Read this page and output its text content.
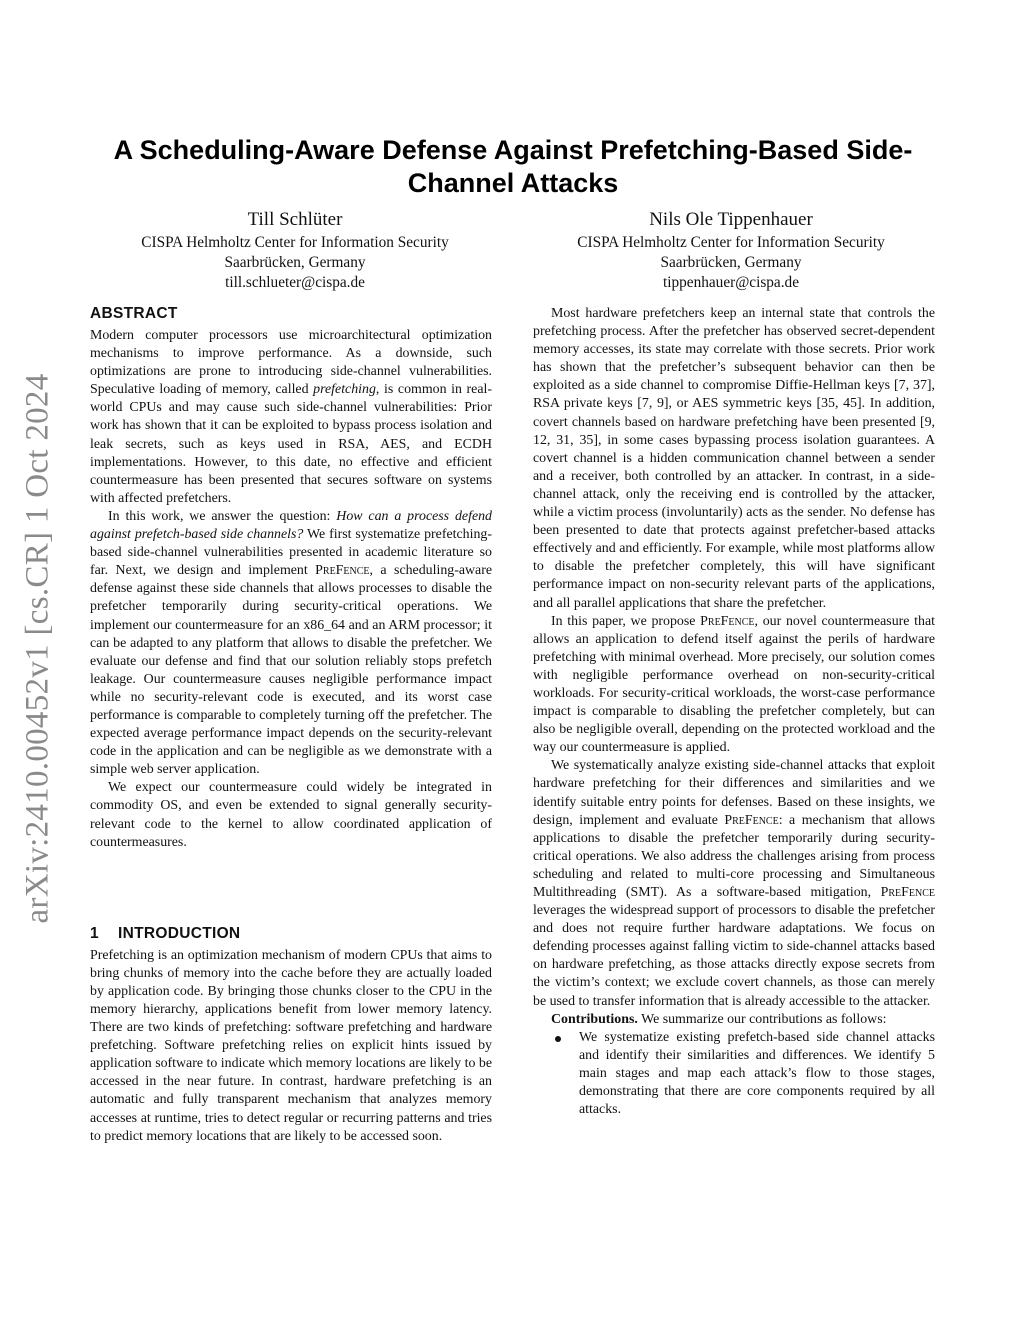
arXiv:2410.00452v1 [cs.CR] 1 Oct 2024
A Scheduling-Aware Defense Against Prefetching-Based Side-Channel Attacks
Till Schlüter
CISPA Helmholtz Center for Information Security
Saarbrücken, Germany
till.schlueter@cispa.de
Nils Ole Tippenhauer
CISPA Helmholtz Center for Information Security
Saarbrücken, Germany
tippenhauer@cispa.de
ABSTRACT

Modern computer processors use microarchitectural optimization mechanisms to improve performance. As a downside, such optimizations are prone to introducing side-channel vulnerabilities. Speculative loading of memory, called prefetching, is common in real-world CPUs and may cause such side-channel vulnerabilities: Prior work has shown that it can be exploited to bypass process isolation and leak secrets, such as keys used in RSA, AES, and ECDH implementations. However, to this date, no effective and efficient countermeasure has been presented that secures software on systems with affected prefetchers.

In this work, we answer the question: How can a process defend against prefetch-based side channels? We first systematize prefetching-based side-channel vulnerabilities presented in academic literature so far. Next, we design and implement PreFence, a scheduling-aware defense against these side channels that allows processes to disable the prefetcher temporarily during security-critical operations. We implement our countermeasure for an x86_64 and an ARM processor; it can be adapted to any platform that allows to disable the prefetcher. We evaluate our defense and find that our solution reliably stops prefetch leakage. Our countermeasure causes negligible performance impact while no security-relevant code is executed, and its worst case performance is comparable to completely turning off the prefetcher. The expected average performance impact depends on the security-relevant code in the application and can be negligible as we demonstrate with a simple web server application.

We expect our countermeasure could widely be integrated in commodity OS, and even be extended to signal generally security-relevant code to the kernel to allow coordinated application of countermeasures.

1 INTRODUCTION

Prefetching is an optimization mechanism of modern CPUs that aims to bring chunks of memory into the cache before they are actually loaded by application code. By bringing those chunks closer to the CPU in the memory hierarchy, applications benefit from lower memory latency. There are two kinds of prefetching: software prefetching and hardware prefetching. Software prefetching relies on explicit hints issued by application software to indicate which memory locations are likely to be accessed in the near future. In contrast, hardware prefetching is an automatic and fully transparent mechanism that analyzes memory accesses at runtime, tries to detect regular or recurring patterns and tries to predict memory locations that are likely to be accessed soon.

Most hardware prefetchers keep an internal state that controls the prefetching process. After the prefetcher has observed secret-dependent memory accesses, its state may correlate with those secrets. Prior work has shown that the prefetcher’s subsequent behavior can then be exploited as a side channel to compromise Diffie-Hellman keys [7, 37], RSA private keys [7, 9], or AES symmetric keys [35, 45]. In addition, covert channels based on hardware prefetching have been presented [9, 12, 31, 35], in some cases bypassing process isolation guarantees. A covert channel is a hidden communication channel between a sender and a receiver, both controlled by an attacker. In contrast, in a side-channel attack, only the receiving end is controlled by the attacker, while a victim process (involuntarily) acts as the sender. No defense has been presented to date that protects against prefetcher-based attacks effectively and and efficiently. For example, while most platforms allow to disable the prefetcher completely, this will have significant performance impact on non-security relevant parts of the applications, and all parallel applications that share the prefetcher.

In this paper, we propose PreFence, our novel countermeasure that allows an application to defend itself against the perils of hardware prefetching with minimal overhead. More precisely, our solution comes with negligible performance overhead on non-security-critical workloads. For security-critical workloads, the worst-case performance impact is comparable to disabling the prefetcher completely, but can also be negligible overall, depending on the protected workload and the way our countermeasure is applied.

We systematically analyze existing side-channel attacks that exploit hardware prefetching for their differences and similarities and we identify suitable entry points for defenses. Based on these insights, we design, implement and evaluate PreFence: a mechanism that allows applications to disable the prefetcher temporarily during security-critical operations. We also address the challenges arising from process scheduling and related to multi-core processing and Simultaneous Multithreading (SMT). As a software-based mitigation, PreFence leverages the widespread support of processors to disable the prefetcher and does not require further hardware adaptations. We focus on defending processes against falling victim to side-channel attacks based on hardware prefetching, as those attacks directly expose secrets from the victim’s context; we exclude covert channels, as those can merely be used to transfer information that is already accessible to the attacker.

Contributions. We summarize our contributions as follows:

We systematize existing prefetch-based side channel attacks and identify their similarities and differences. We identify 5 main stages and map each attack’s flow to those stages, demonstrating that there are core components required by all attacks.
